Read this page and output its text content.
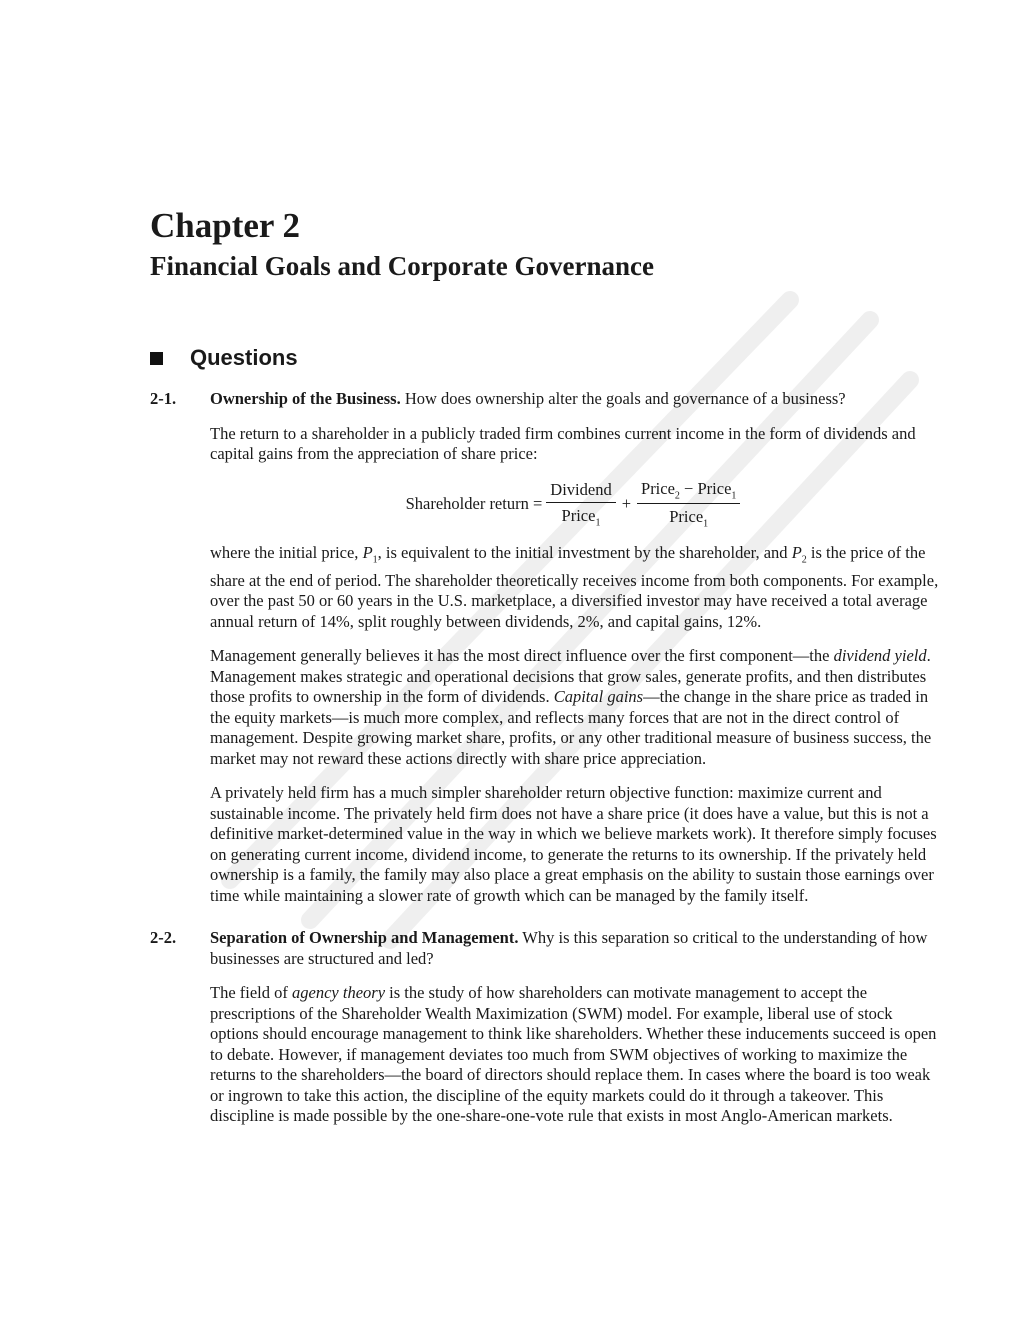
Chapter 2
Financial Goals and Corporate Governance
Questions
2-1.	Ownership of the Business. How does ownership alter the goals and governance of a business?

The return to a shareholder in a publicly traded firm combines current income in the form of dividends and capital gains from the appreciation of share price:

Shareholder return = $\frac{\text{Dividend}}{Price_1} + \frac{Price_2 - Price_1}{Price_1}$

where the initial price, $P_1$, is equivalent to the initial investment by the shareholder, and $P_2$ is the price of the share at the end of period. The shareholder theoretically receives income from both components. For example, over the past 50 or 60 years in the U.S. marketplace, a diversified investor may have received a total average annual return of 14%, split roughly between dividends, 2%, and capital gains, 12%.

Management generally believes it has the most direct influence over the first component—the dividend yield. Management makes strategic and operational decisions that grow sales, generate profits, and then distributes those profits to ownership in the form of dividends. Capital gains—the change in the share price as traded in the equity markets—is much more complex, and reflects many forces that are not in the direct control of management. Despite growing market share, profits, or any other traditional measure of business success, the market may not reward these actions directly with share price appreciation.

A privately held firm has a much simpler shareholder return objective function: maximize current and sustainable income. The privately held firm does not have a share price (it does have a value, but this is not a definitive market-determined value in the way in which we believe markets work). It therefore simply focuses on generating current income, dividend income, to generate the returns to its ownership. If the privately held ownership is a family, the family may also place a great emphasis on the ability to sustain those earnings over time while maintaining a slower rate of growth which can be managed by the family itself.

2-2.	Separation of Ownership and Management. Why is this separation so critical to the understanding of how businesses are structured and led?

The field of agency theory is the study of how shareholders can motivate management to accept the prescriptions of the Shareholder Wealth Maximization (SWM) model. For example, liberal use of stock options should encourage management to think like shareholders. Whether these inducements succeed is open to debate. However, if management deviates too much from SWM objectives of working to maximize the returns to the shareholders—the board of directors should replace them. In cases where the board is too weak or ingrown to take this action, the discipline of the equity markets could do it through a takeover. This discipline is made possible by the one-share-one-vote rule that exists in most Anglo-American markets.
